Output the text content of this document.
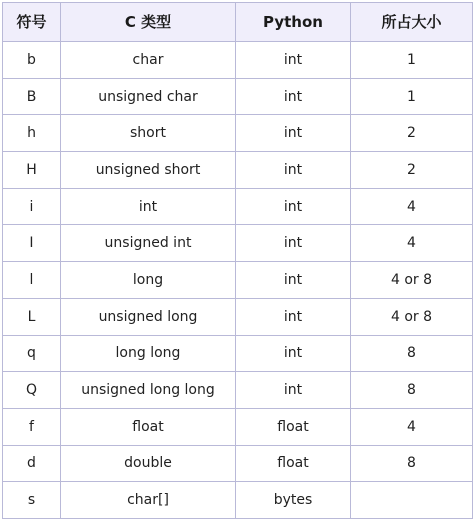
符号	C 类型	Python	所占大小
b	char	int	1
B	unsigned char	int	1
h	short	int	2
H	unsigned short	int	2
i	int	int	4
I	unsigned int	int	4
l	long	int	4 or 8
L	unsigned long	int	4 or 8
q	long long	int	8
Q	unsigned long long	int	8
f	float	float	4
d	double	float	8
s	char[]	bytes	
